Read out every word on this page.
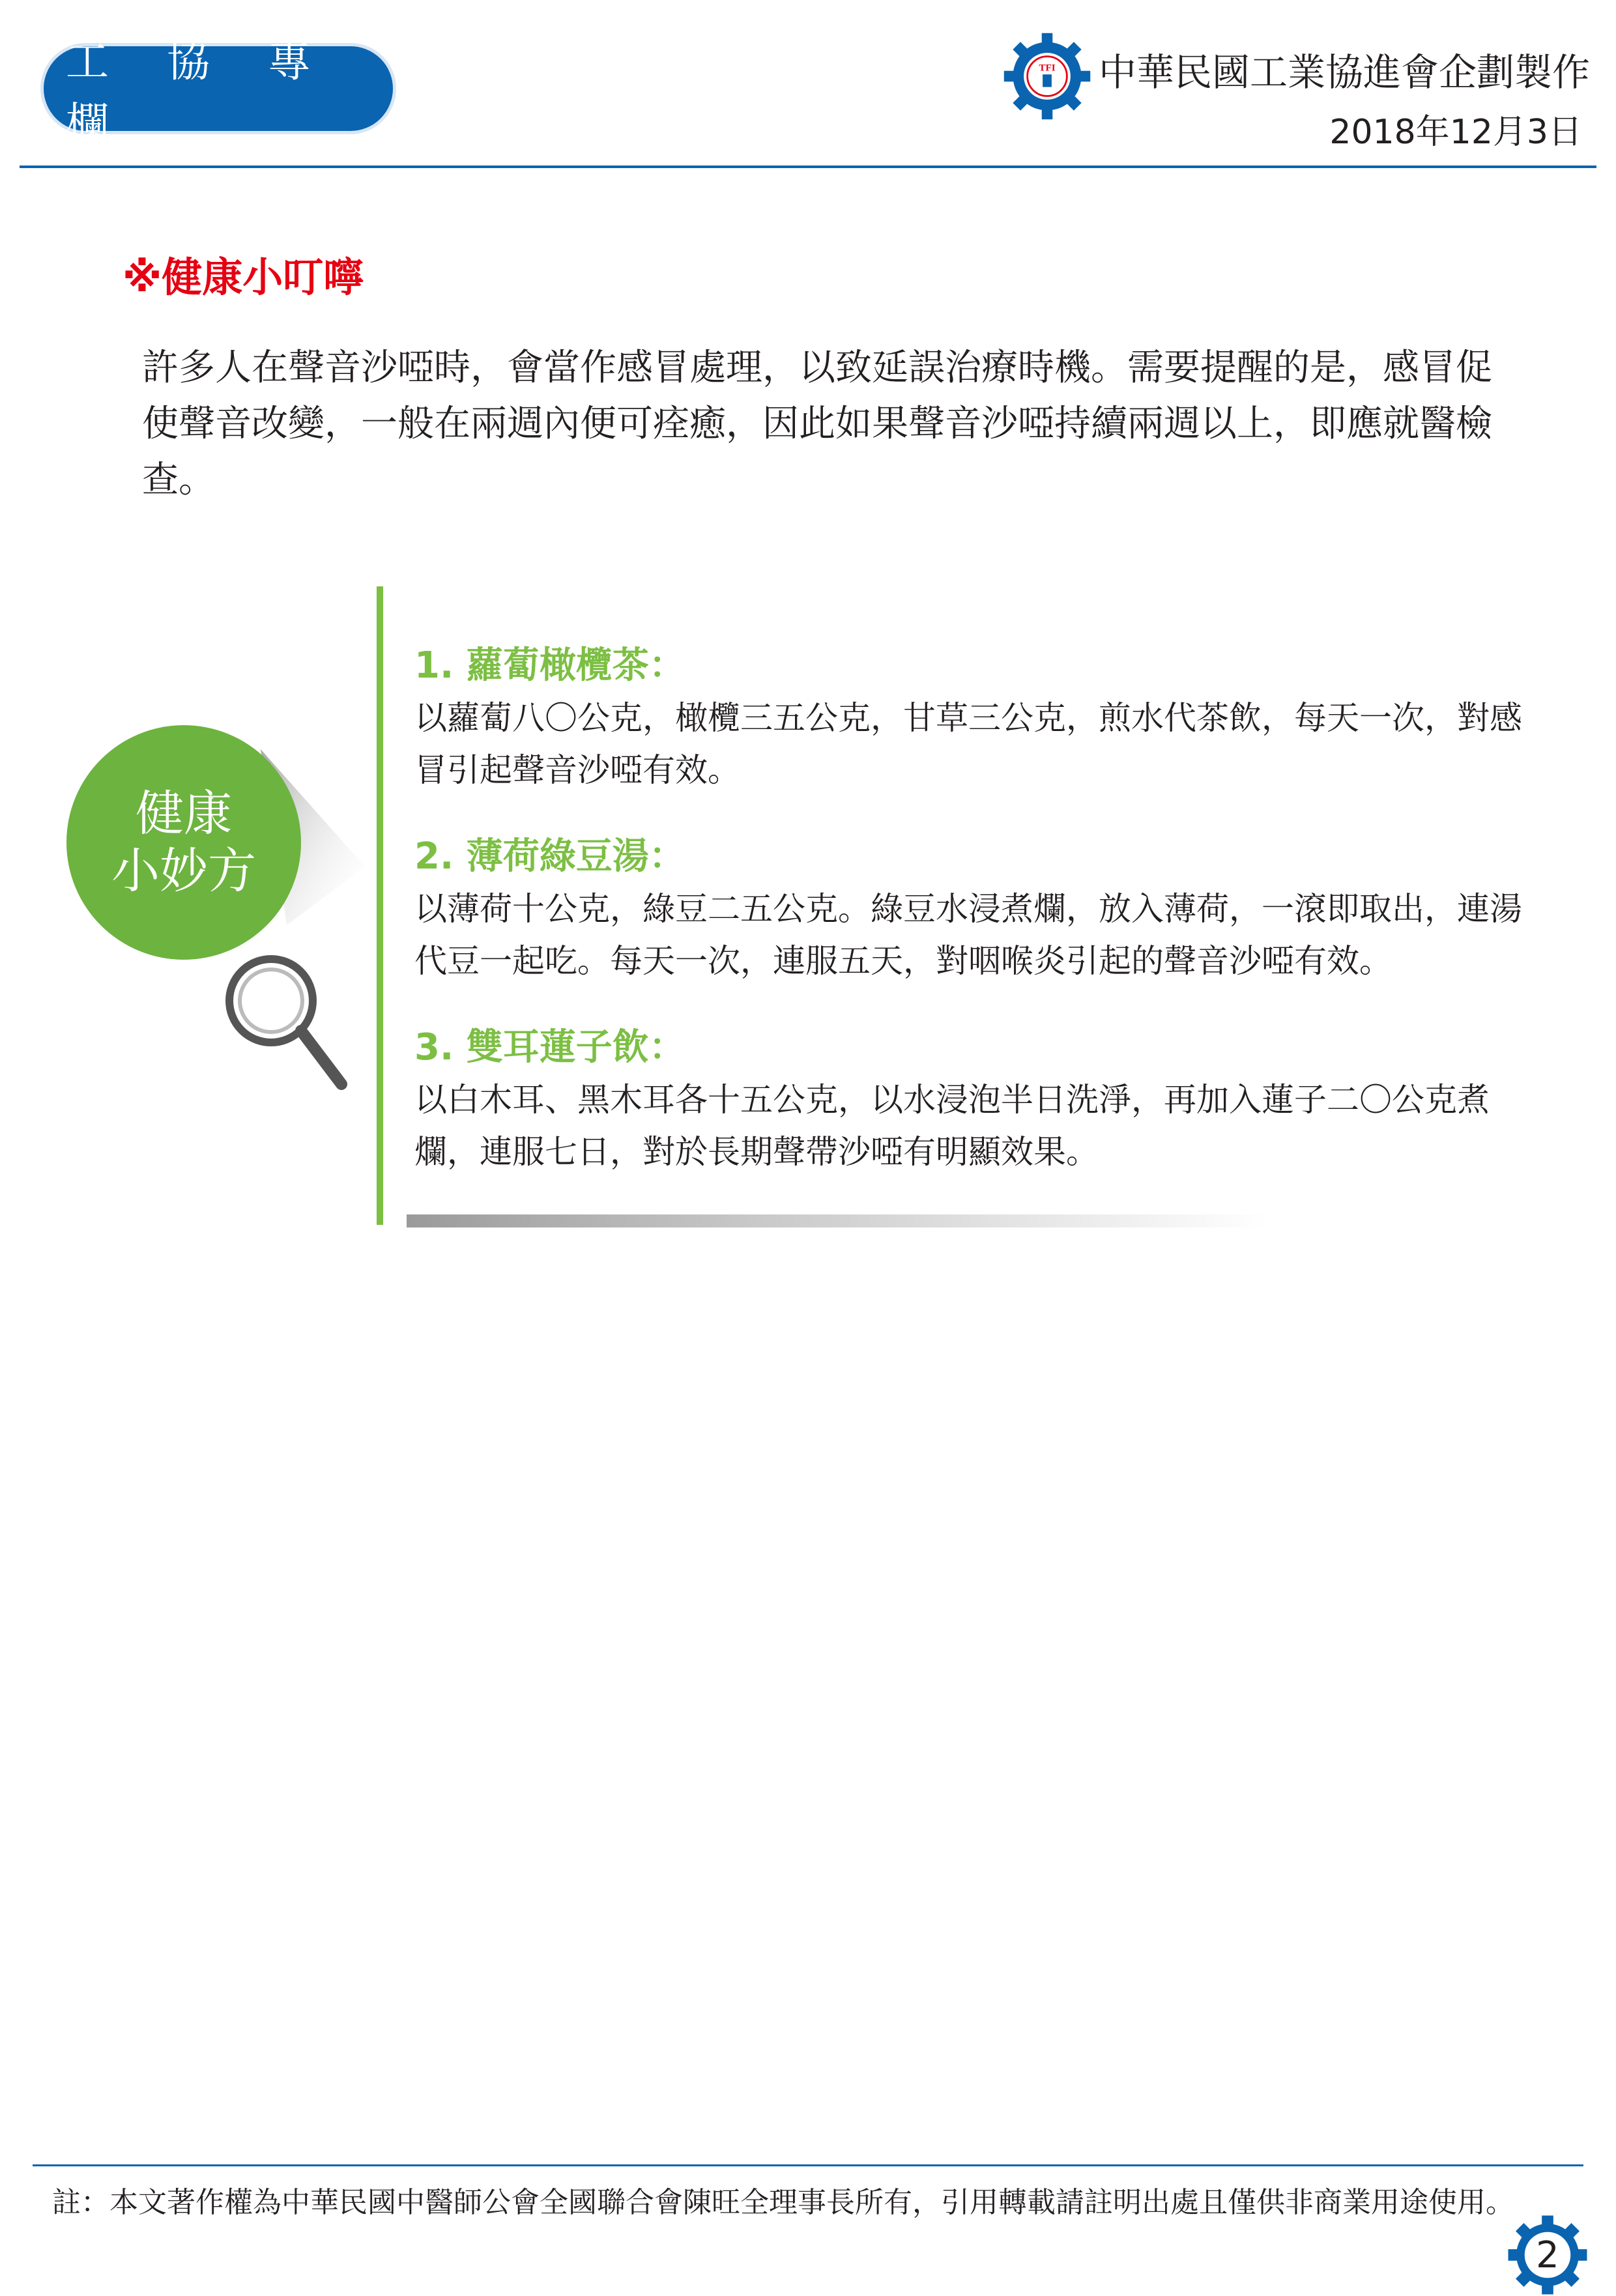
工 協 專 欄
TFI 中華民國工業協進會企劃製作
2018年12月3日
※健康小叮嚀
許多人在聲音沙啞時，會當作感冒處理，以致延誤治療時機。需要提醒的是，感冒促使聲音改變，一般在兩週內便可痊癒，因此如果聲音沙啞持續兩週以上，即應就醫檢查。
健康
小妙方
1. 蘿蔔橄欖茶：
以蘿蔔八〇公克，橄欖三五公克，甘草三公克，煎水代茶飲，每天一次，對感冒引起聲音沙啞有效。
2. 薄荷綠豆湯：
以薄荷十公克，綠豆二五公克。綠豆水浸煮爛，放入薄荷，一滾即取出，連湯代豆一起吃。每天一次，連服五天，對咽喉炎引起的聲音沙啞有效。
3. 雙耳蓮子飲：
以白木耳、黑木耳各十五公克，以水浸泡半日洗淨，再加入蓮子二〇公克煮爛，連服七日，對於長期聲帶沙啞有明顯效果。
註：本文著作權為中華民國中醫師公會全國聯合會陳旺全理事長所有，引用轉載請註明出處且僅供非商業用途使用。
2
